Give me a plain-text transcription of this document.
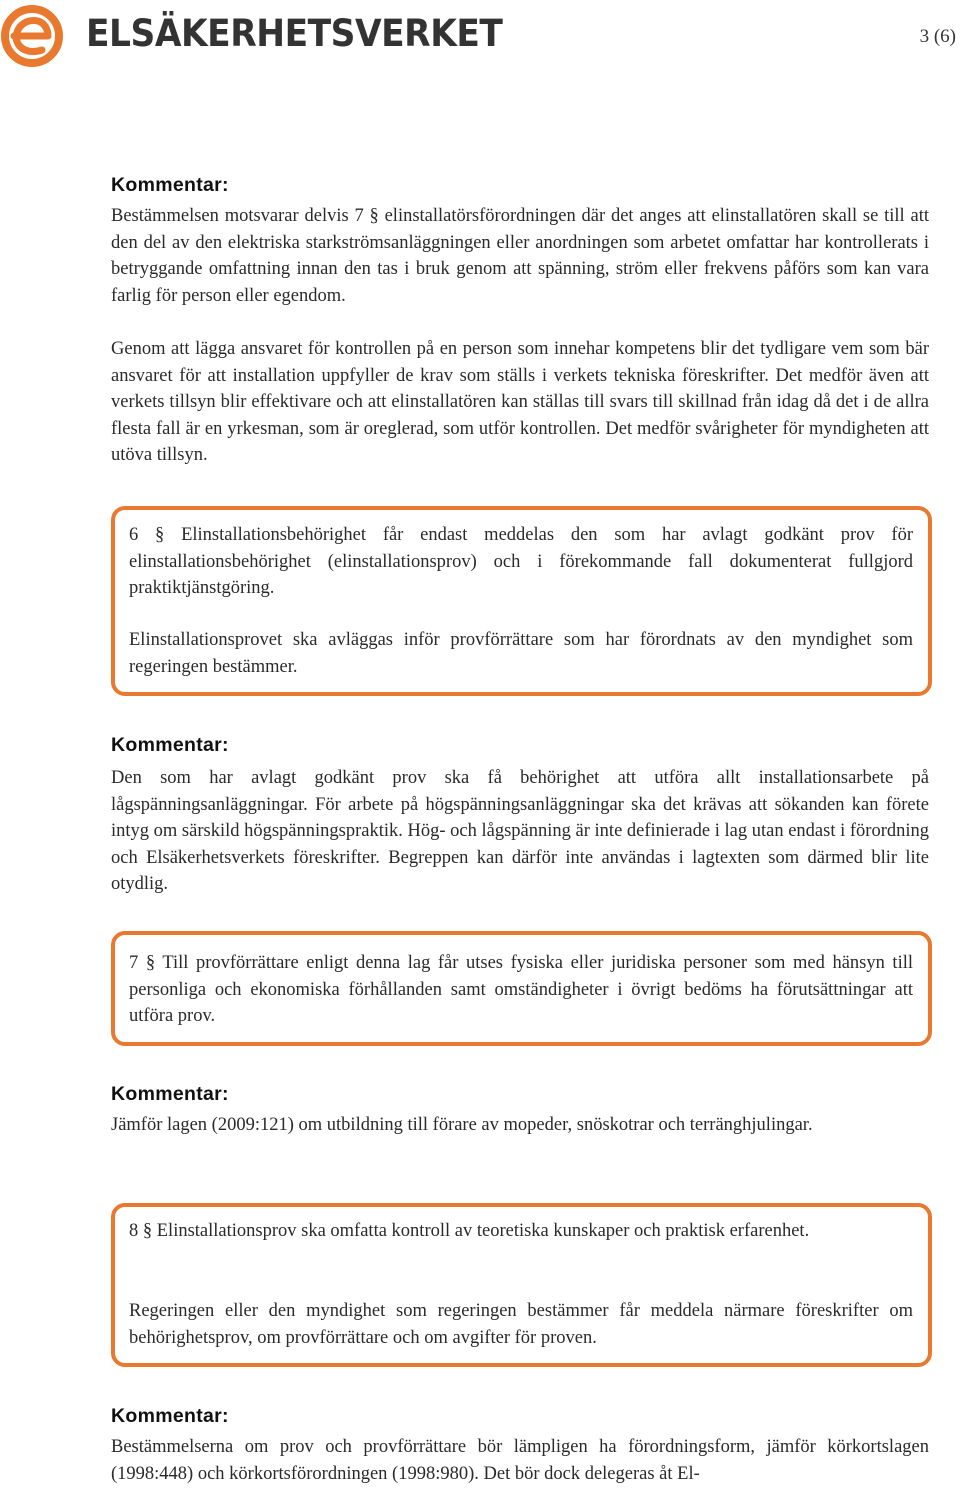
ELSÄKERHETSVERKET	3 (6)
Kommentar:

Bestämmelsen motsvarar delvis 7 § elinstallatörsförordningen där det anges att elinstallatören skall se till att den del av den elektriska starkströmsanläggningen eller anordningen som arbetet omfattar har kontrollerats i betryggande omfattning innan den tas i bruk genom att spänning, ström eller frekvens påförs som kan vara farlig för person eller egendom.

Genom att lägga ansvaret för kontrollen på en person som innehar kompetens blir det tydligare vem som bär ansvaret för att installation uppfyller de krav som ställs i verkets tekniska föreskrifter. Det medför även att verkets tillsyn blir effektivare och att elinstallatören kan ställas till svars till skillnad från idag då det i de allra flesta fall är en yrkesman, som är oreglerad, som utför kontrollen. Det medför svårigheter för myndigheten att utöva tillsyn.

6 § Elinstallationsbehörighet får endast meddelas den som har avlagt godkänt prov för elinstallationsbehörighet (elinstallationsprov) och i förekommande fall dokumenterat fullgjord praktiktjänstgöring.

Elinstallationsprovet ska avläggas inför provförrättare som har förordnats av den myndighet som regeringen bestämmer.

Kommentar:

Den som har avlagt godkänt prov ska få behörighet att utföra allt installationsarbete på lågspänningsanläggningar. För arbete på högspänningsanläggningar ska det krävas att sökanden kan förete intyg om särskild högspänningspraktik. Hög- och lågspänning är inte definierade i lag utan endast i förordning och Elsäkerhetsverkets föreskrifter. Begreppen kan därför inte användas i lagtexten som därmed blir lite otydlig.

7 § Till provförrättare enligt denna lag får utses fysiska eller juridiska personer som med hänsyn till personliga och ekonomiska förhållanden samt omständigheter i övrigt bedöms ha förutsättningar att utföra prov.

Kommentar:

Jämför lagen (2009:121) om utbildning till förare av mopeder, snöskotrar och terränghjulingar.

8 § Elinstallationsprov ska omfatta kontroll av teoretiska kunskaper och praktisk erfarenhet.

Regeringen eller den myndighet som regeringen bestämmer får meddela närmare föreskrifter om behörighetsprov, om provförrättare och om avgifter för proven.

Kommentar:

Bestämmelserna om prov och provförrättare bör lämpligen ha förordningsform, jämför körkortslagen (1998:448) och körkortsförordningen (1998:980). Det bör dock delegeras åt El-
